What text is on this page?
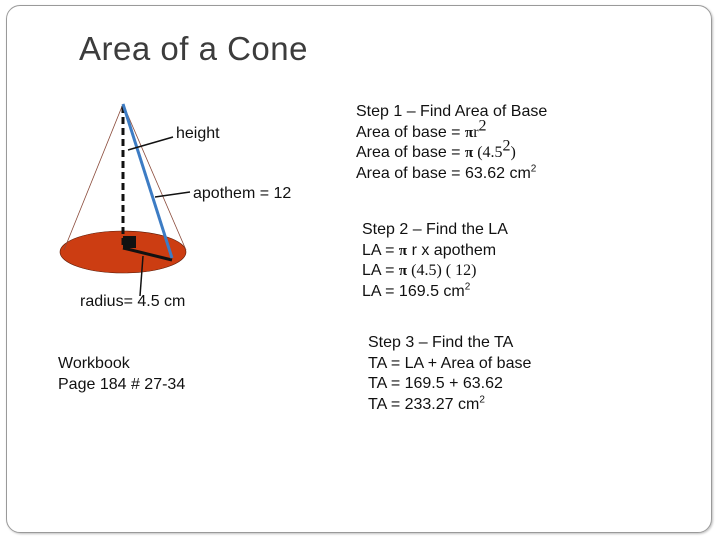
Area of a Cone
height
apothem = 12
radius= 4.5 cm
Workbook
Page 184 # 27-34
Step 1 – Find Area of Base
Area of base = $\pi r^2$
Area of base = π $(4.5^2)$
Area of base = 63.62 $cm^2$
Step 2 – Find the LA
LA = π r x apothem
LA = π (4.5) ( 12)
LA = 169.5 $cm^2$
Step 3 – Find the TA
TA = LA + Area of base
TA = 169.5 + 63.62
TA = 233.27 $cm^2$
